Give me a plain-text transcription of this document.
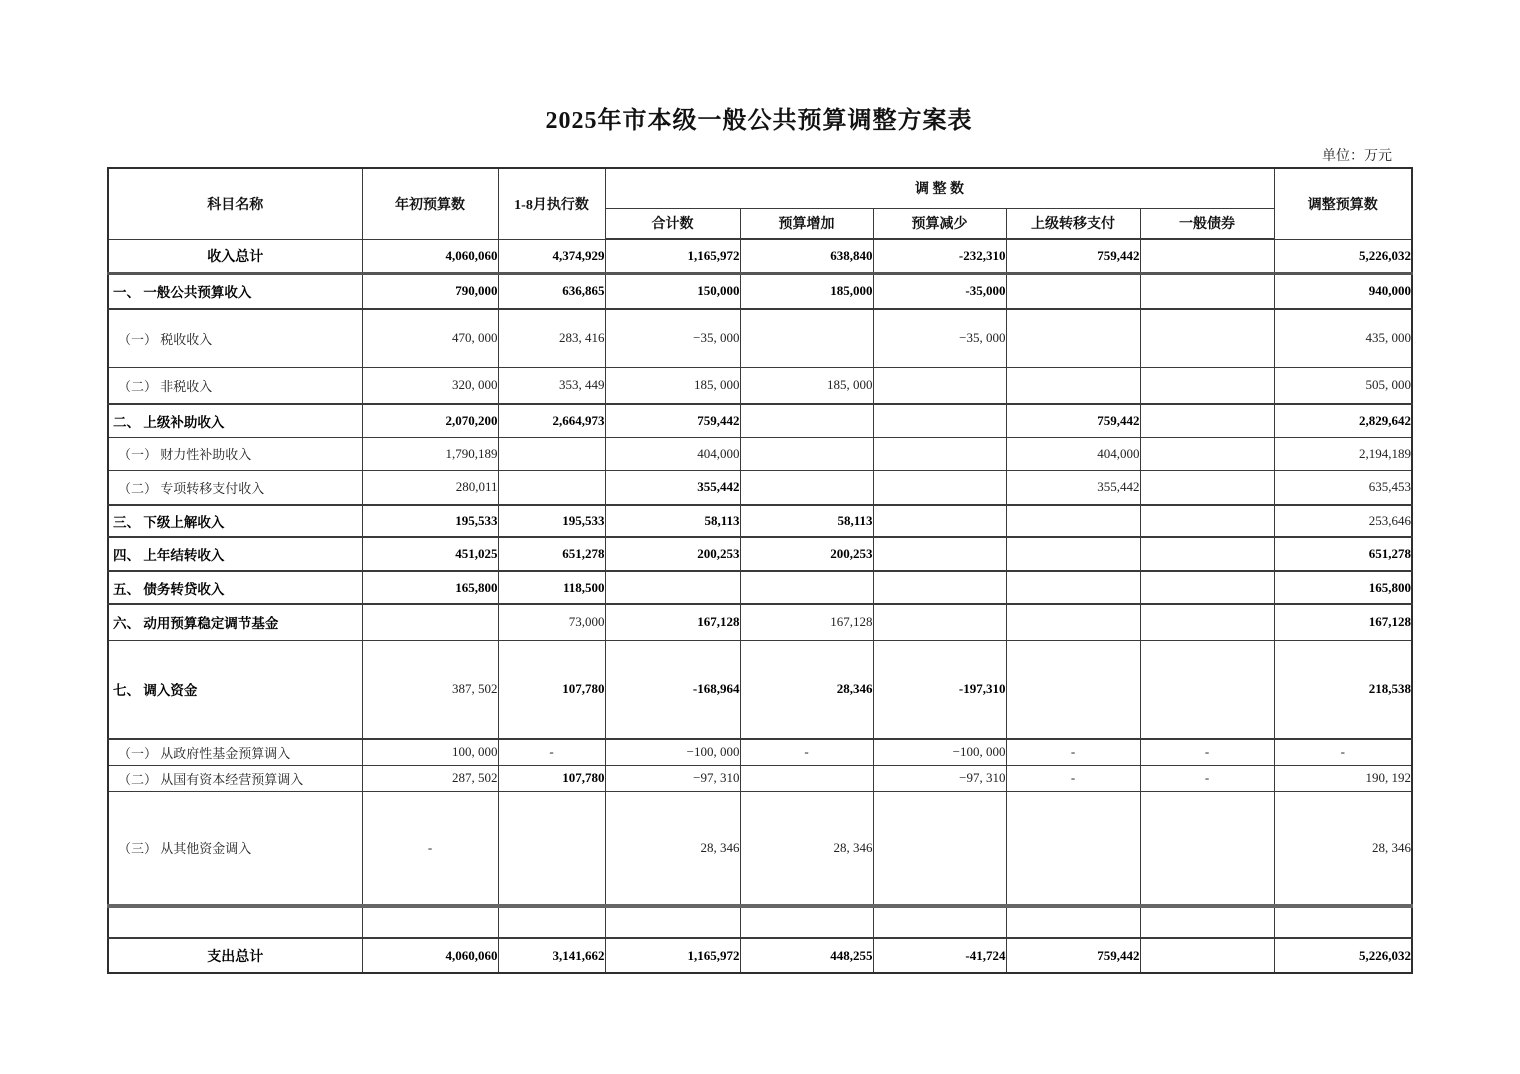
2025年市本级一般公共预算调整方案表
单位：万元
科目名称	年初预算数	1-8月执行数	调 整 数					调整预算数
			合计数	预算增加	预算减少	上级转移支付	一般债券	
收入总计	4,060,060	4,374,929	1,165,972	638,840	-232,310	759,442		5,226,032
一、 一般公共预算收入	790,000	636,865	150,000	185,000	-35,000			940,000
（一） 税收收入	470, 000	283, 416	−35, 000		−35, 000			435, 000
（二） 非税收入	320, 000	353, 449	185, 000	185, 000				505, 000
二、 上级补助收入	2,070,200	2,664,973	759,442			759,442		2,829,642
（一） 财力性补助收入	1,790,189		404,000			404,000		2,194,189
（二） 专项转移支付收入	280,011		355,442			355,442		635,453
三、 下级上解收入	195,533	195,533	58,113	58,113				253,646
四、 上年结转收入	451,025	651,278	200,253	200,253				651,278
五、 债务转贷收入	165,800	118,500						165,800
六、 动用预算稳定调节基金		73,000	167,128	167,128				167,128
七、 调入资金	387, 502	107,780	-168,964	28,346	-197,310			218,538
（一） 从政府性基金预算调入	100, 000	-	−100, 000	-	−100, 000	-	-	-
（二） 从国有资本经营预算调入	287, 502	107,780	−97, 310		−97, 310	-	-	190, 192
（三） 从其他资金调入	-		28, 346	28, 346				28, 346

支出总计	4,060,060	3,141,662	1,165,972	448,255	-41,724	759,442		5,226,032
